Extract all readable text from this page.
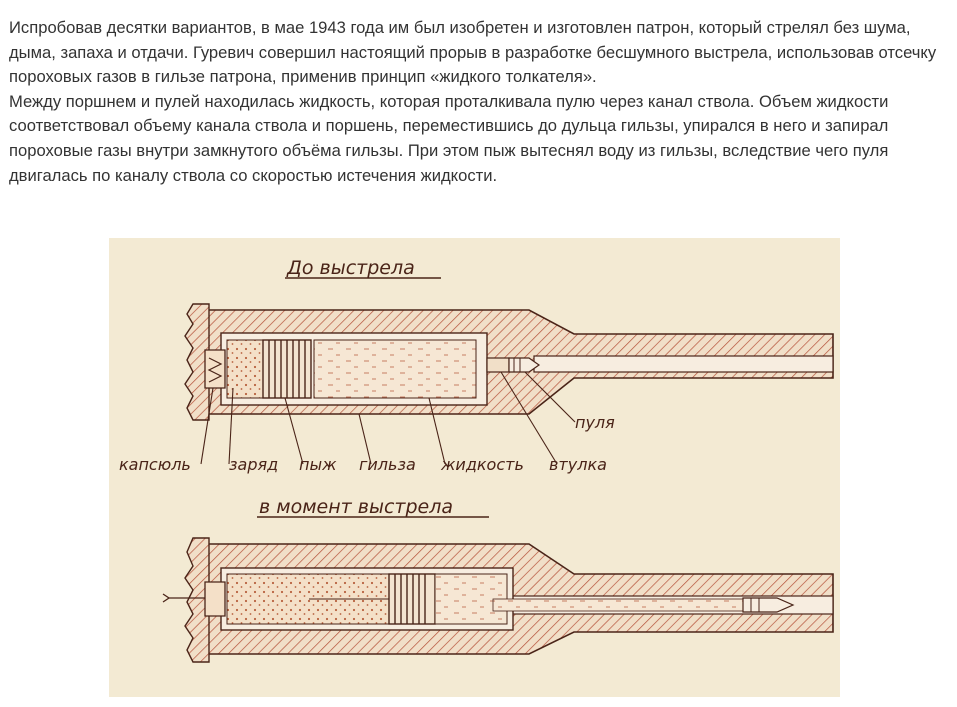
Испробовав десятки вариантов, в мае 1943 года им был изобретен и изготовлен патрон, который стрелял без шума, дыма, запаха и отдачи. Гуревич совершил настоящий прорыв в разработке бесшумного выстрела, использовав отсечку пороховых газов в гильзе патрона, применив принцип «жидкого толкателя».

Между поршнем и пулей находилась жидкость, которая проталкивала пулю через канал ствола. Объем жидкости соответствовал объему канала ствола и поршень, переместившись до дульца гильзы, упирался в него и запирал пороховые газы внутри замкнутого объёма гильзы. При этом пыж вытеснял воду из гильзы, вследствие чего пуля двигалась по каналу ствола со скоростью истечения жидкости.

До выстрела
капсюль заряд пыж гильза жидкость втулка
пуля
в момент выстрела
